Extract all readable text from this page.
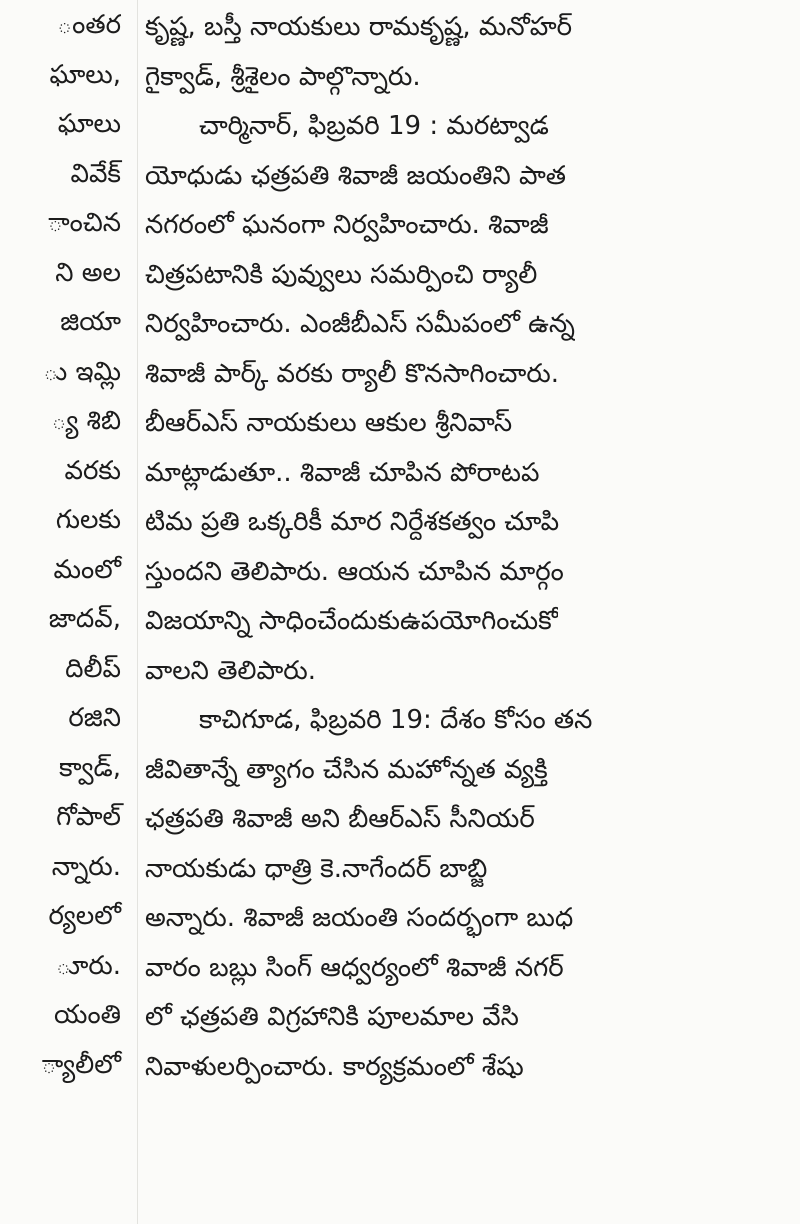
ంతర
ఘాలు,
ఘాలు
వివేక్
ాంచిన
ని అల
జియా
ు ఇమ్లి
్య శిబి
వరకు
గులకు
మంలో
జాదవ్,
దిలీప్
రజిని
క్వాడ్,
గోపాల్
న్నారు.
ర్యలలో
ూరు.
యంతి
్యాలీలో
కృష్ణ, బస్తీ నాయకులు రామకృష్ణ, మనోహర్
గైక్వాడ్, శ్రీశైలం పాల్గొన్నారు.
చార్మినార్, ఫిబ్రవరి 19 : మరట్వాడ
యోధుడు ఛత్రపతి శివాజీ జయంతిని పాత
నగరంలో ఘనంగా నిర్వహించారు. శివాజీ
చిత్రపటానికి పువ్వులు సమర్పించి ర్యాలీ
నిర్వహించారు. ఎంజీబీఎస్ సమీపంలో ఉన్న
శివాజీ పార్క్ వరకు ర్యాలీ కొనసాగించారు.
బీఆర్ఎస్ నాయకులు ఆకుల శ్రీనివాస్
మాట్లాడుతూ.. శివాజీ చూపిన పోరాటప
టిమ ప్రతి ఒక్కరికీ మార నిర్దేశకత్వం చూపి
స్తుందని తెలిపారు. ఆయన చూపిన మార్గం
విజయాన్ని సాధించేందుకుఉపయోగించుకో
వాలని తెలిపారు.
కాచిగూడ, ఫిబ్రవరి 19: దేశం కోసం తన
జీవితాన్నే త్యాగం చేసిన మహోన్నత వ్యక్తి
ఛత్రపతి శివాజీ అని బీఆర్ఎస్ సీనియర్
నాయకుడు ధాత్రి కె.నాగేందర్ బాబ్జి
అన్నారు. శివాజీ జయంతి సందర్భంగా బుధ
వారం బబ్లు సింగ్ ఆధ్వర్యంలో శివాజీ నగర్
లో ఛత్రపతి విగ్రహానికి పూలమాల వేసి
నివాళులర్పించారు. కార్యక్రమంలో శేషు
